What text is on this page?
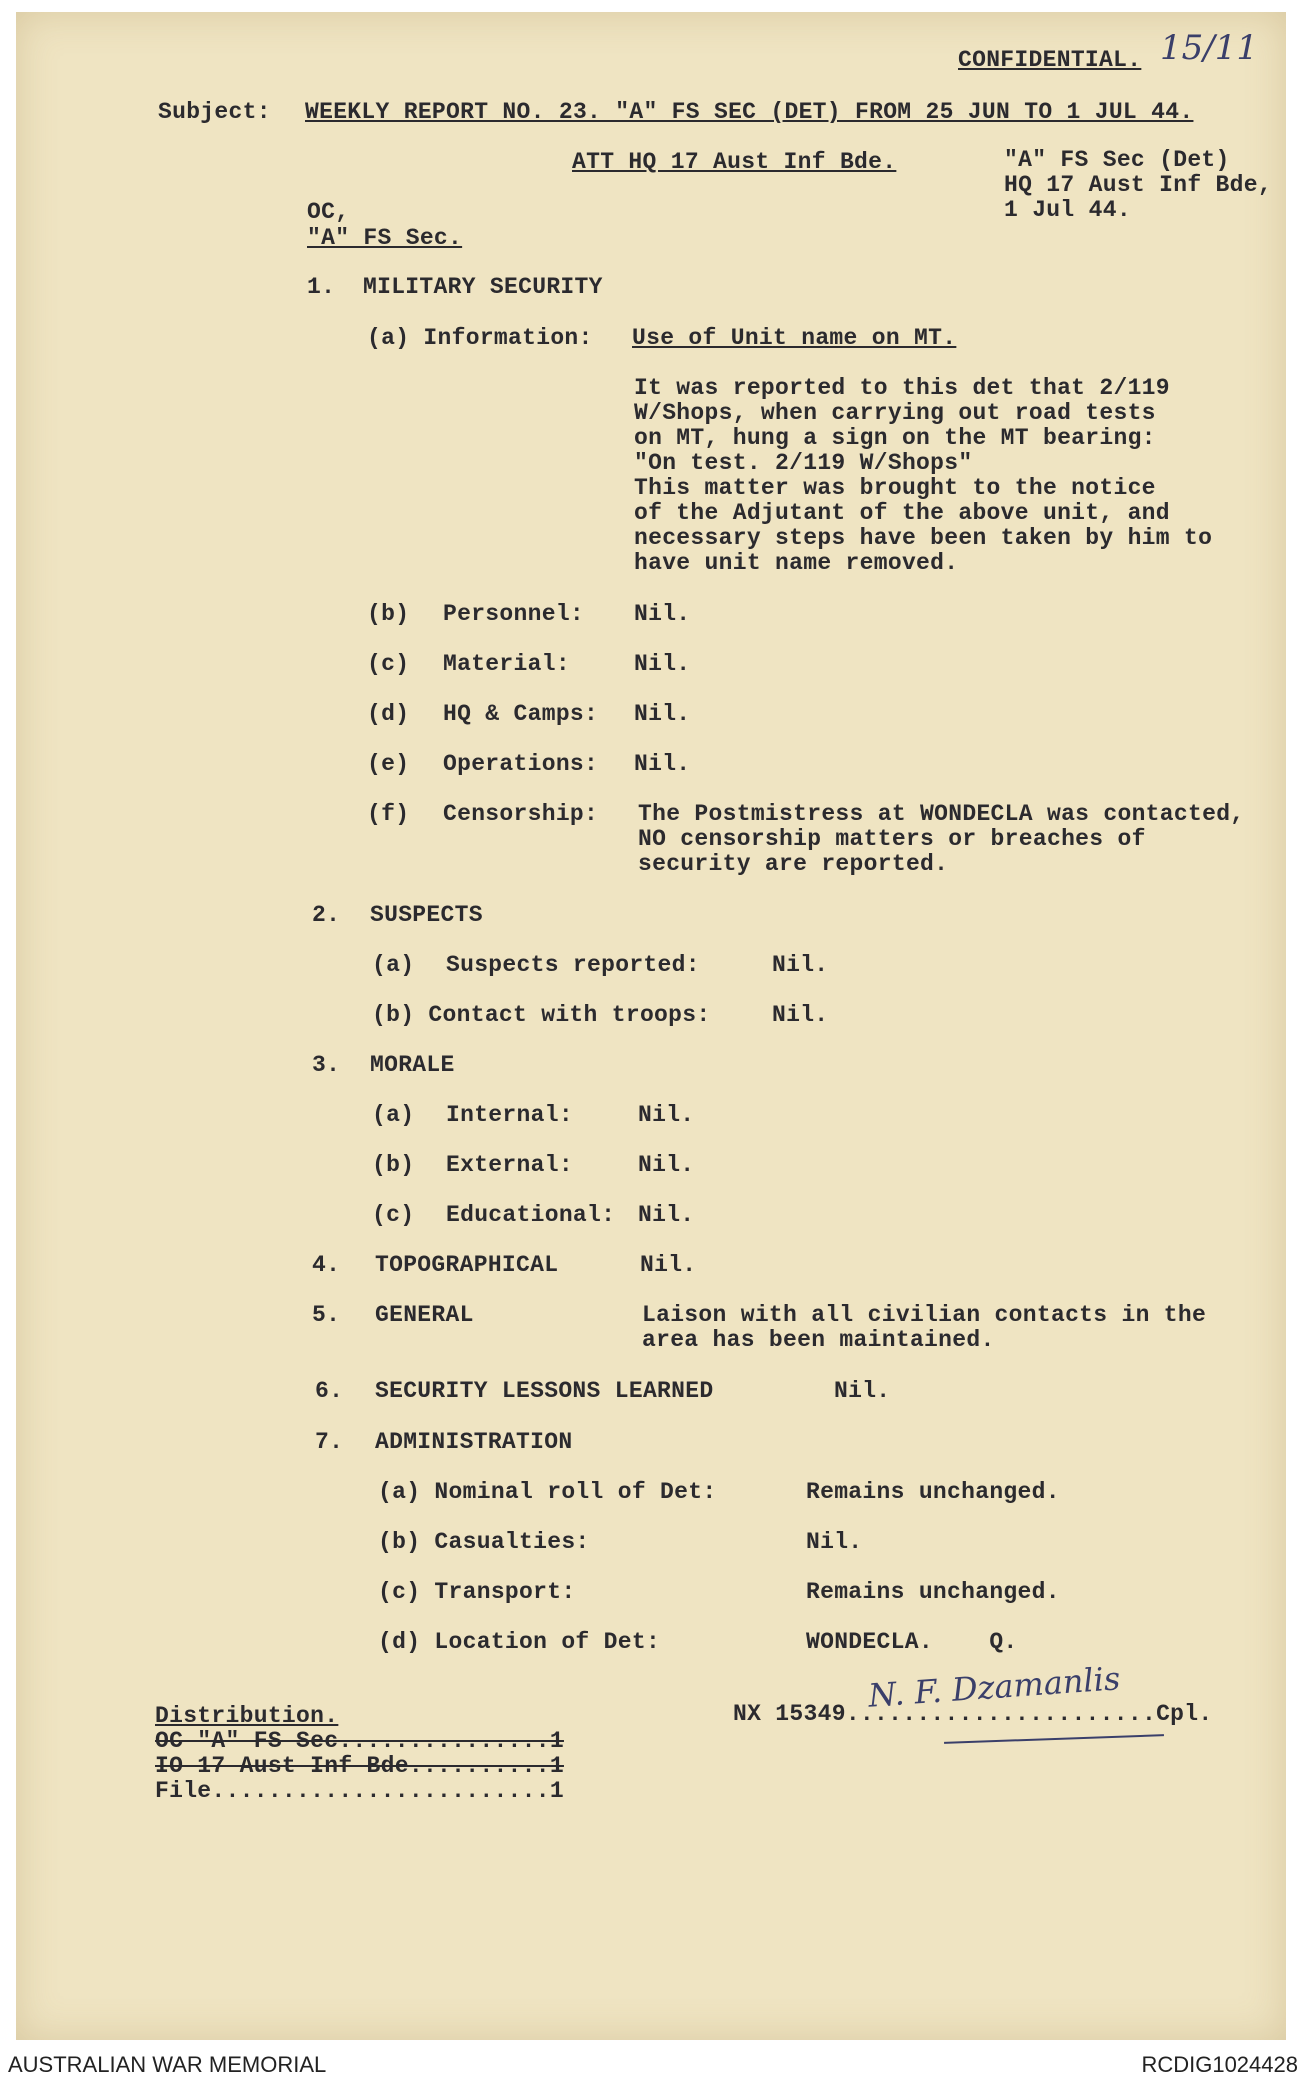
15/11
CONFIDENTIAL.
Subject: WEEKLY REPORT NO. 23. "A" FS SEC (DET) FROM 25 JUN TO 1 JUL 44.
ATT HQ 17 Aust Inf Bde.	"A" FS Sec (Det)
HQ 17 Aust Inf Bde,
1 Jul 44.
OC,
"A" FS Sec.
1. MILITARY SECURITY
(a) Information: Use of Unit name on MT.
It was reported to this det that 2/119
W/Shops, when carrying out road tests
on MT, hung a sign on the MT bearing:
"On test. 2/119 W/Shops"
This matter was brought to the notice
of the Adjutant of the above unit, and
necessary steps have been taken by him to
have unit name removed.
(b) Personnel: Nil.
(c) Material:	Nil.
(d) HQ & Camps: Nil.
(e) Operations: Nil.
(f) Censorship: The Postmistress at WONDECLA was contacted,
NO censorship matters or breaches of
security are reported.
2. SUSPECTS
(a) Suspects reported:	Nil.
(b) Contact with troops:	Nil.
3. MORALE
(a) Internal:	Nil.
(b) External:	Nil.
(c) Educational: Nil.
4. TOPOGRAPHICAL	Nil.
5. GENERAL	Laison with all civilian contacts in the
area has been maintained.
6. SECURITY LESSONS LEARNED	Nil.
7. ADMINISTRATION
(a) Nominal roll of Det:	Remains unchanged.
(b) Casualties:	Nil.
(c) Transport:	Remains unchanged.
(d) Location of Det:	WONDECLA.    Q.
N. F. Dzamanlis
NX 15349......................Cpl.
Distribution.
OC "A" FS Sec...............1
IO 17 Aust Inf Bde..........1
File........................1
AUSTRALIAN WAR MEMORIAL	RCDIG1024428
